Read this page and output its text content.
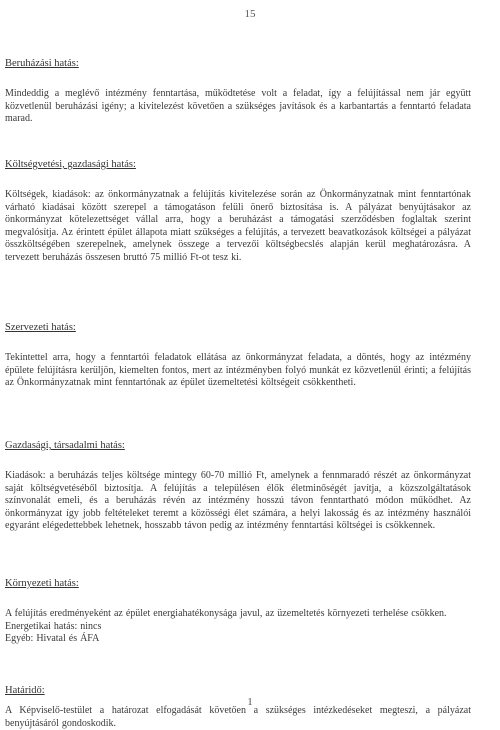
15

Beruházási hatás:

Mindeddig a meglévő intézmény fenntartása, működtetése volt a feladat, így a felújítással nem jár együtt közvetlenül beruházási igény; a kivitelezést követően a szükséges javítások és a karbantartás a fenntartó feladata marad.

Költségvetési, gazdasági hatás:

Költségek, kiadások: az önkormányzatnak a felújítás kivitelezése során az Önkormányzatnak mint fenntartónak várható kiadásai között szerepel a támogatáson felüli önerő biztosítása is. A pályázat benyújtásakor az önkormányzat kötelezettséget vállal arra, hogy a beruházást a támogatási szerződésben foglaltak szerint megvalósítja. Az érintett épület állapota miatt szükséges a felújítás, a tervezett beavatkozások költségei a pályázat összköltségében szerepelnek, amelynek összege a tervezői költségbecslés alapján kerül meghatározásra. A tervezett beruházás összesen bruttó 75 millió Ft-ot tesz ki.

Szervezeti hatás:

Tekintettel arra, hogy a fenntartói feladatok ellátása az önkormányzat feladata, a döntés, hogy az intézmény épülete felújításra kerüljön, kiemelten fontos, mert az intézményben folyó munkát ez közvetlenül érinti; a felújítás az Önkormányzatnak mint fenntartónak az épület üzemeltetési költségeit csökkentheti.

Gazdasági, társadalmi hatás:

Kiadások: a beruházás teljes költsége mintegy 60-70 millió Ft, amelynek a fennmaradó részét az önkormányzat saját költségvetéséből biztosítja. A felújítás a településen élők életminőségét javítja, a közszolgáltatások színvonalát emeli, és a beruházás révén az intézmény hosszú távon fenntartható módon működhet. Az önkormányzat így jobb feltételeket teremt a közösségi élet számára, a helyi lakosság és az intézmény használói egyaránt elégedettebbek lehetnek, hosszabb távon pedig az intézmény fenntartási költségei is csökkennek.

Környezeti hatás:

A felújítás eredményeként az épület energiahatékonysága javul, az üzemeltetés környezeti terhelése csökken.
Energetikai hatás: nincs
Egyéb: Hivatal és ÁFA

1

Határidő:

A Képviselő-testület a határozat elfogadását követően a szükséges intézkedéseket megteszi, a pályázat benyújtásáról gondoskodik.
